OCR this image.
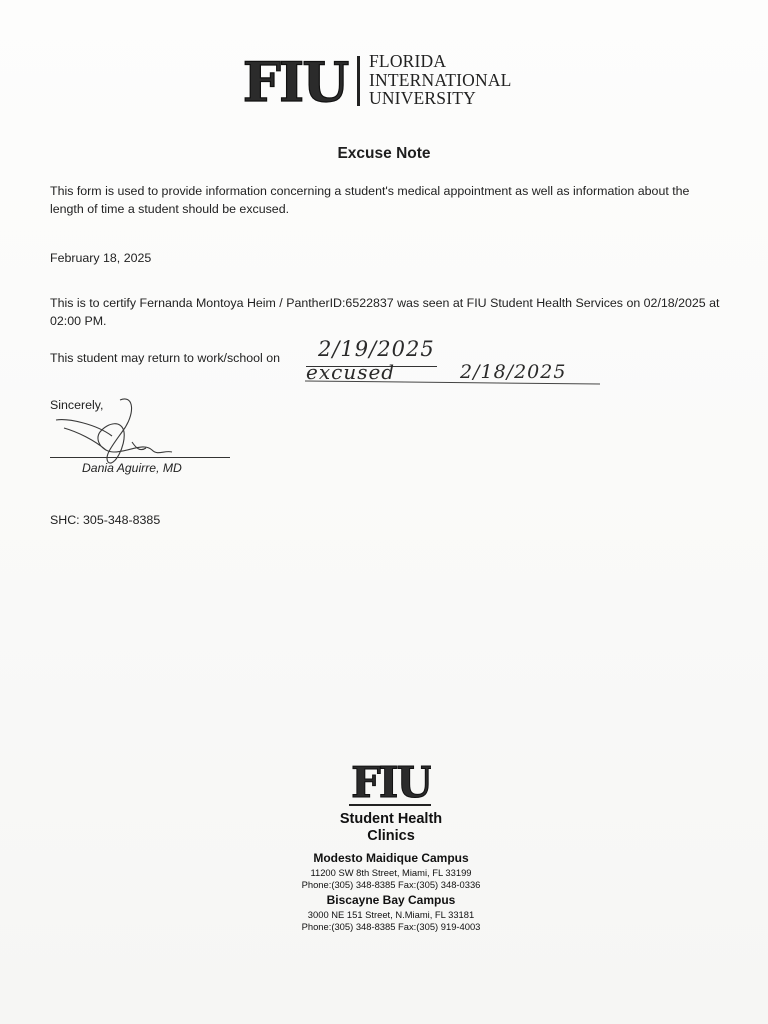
FIU FLORIDA
INTERNATIONAL
UNIVERSITY
Excuse Note
This form is used to provide information concerning a student's medical appointment as well as information about the length of time a student should be excused.
February 18, 2025
This is to certify Fernanda Montoya Heim / PantherID:6522837 was seen at FIU Student Health Services on 02/18/2025 at 02:00 PM.
This student may return to work/school on 2/19/2025
excused	2/18/2025
Sincerely,
Dania Aguirre, MD
SHC: 305-348-8385
FIU
Student Health
Clinics
Modesto Maidique Campus
11200 SW 8th Street, Miami, FL 33199
Phone:(305) 348-8385 Fax:(305) 348-0336
Biscayne Bay Campus
3000 NE 151 Street, N.Miami, FL 33181
Phone:(305) 348-8385 Fax:(305) 919-4003
